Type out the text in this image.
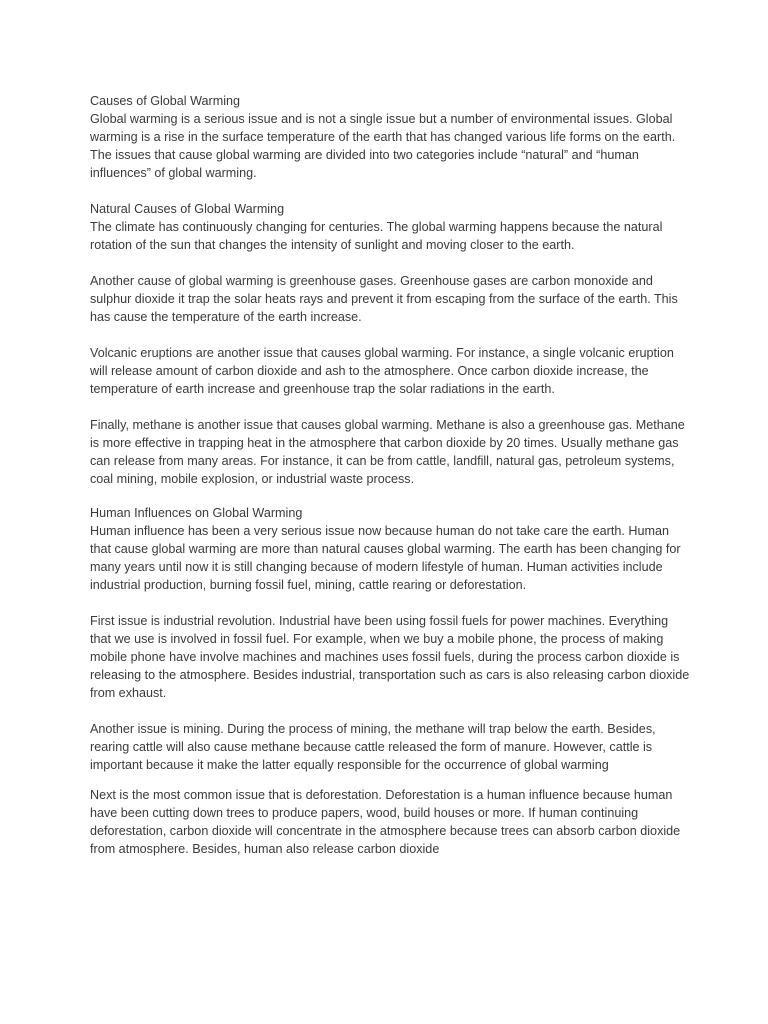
Causes of Global Warming

Global warming is a serious issue and is not a single issue but a number of environmental issues. Global warming is a rise in the surface temperature of the earth that has changed various life forms on the earth. The issues that cause global warming are divided into two categories include “natural” and “human influences” of global warming.

Natural Causes of Global Warming

The climate has continuously changing for centuries. The global warming happens because the natural rotation of the sun that changes the intensity of sunlight and moving closer to the earth.

Another cause of global warming is greenhouse gases. Greenhouse gases are carbon monoxide and sulphur dioxide it trap the solar heats rays and prevent it from escaping from the surface of the earth. This has cause the temperature of the earth increase.

Volcanic eruptions are another issue that causes global warming. For instance, a single volcanic eruption will release amount of carbon dioxide and ash to the atmosphere. Once carbon dioxide increase, the temperature of earth increase and greenhouse trap the solar radiations in the earth.

Finally, methane is another issue that causes global warming. Methane is also a greenhouse gas. Methane is more effective in trapping heat in the atmosphere that carbon dioxide by 20 times. Usually methane gas can release from many areas. For instance, it can be from cattle, landfill, natural gas, petroleum systems, coal mining, mobile explosion, or industrial waste process.

Human Influences on Global Warming

Human influence has been a very serious issue now because human do not take care the earth. Human that cause global warming are more than natural causes global warming. The earth has been changing for many years until now it is still changing because of modern lifestyle of human. Human activities include industrial production, burning fossil fuel, mining, cattle rearing or deforestation.

First issue is industrial revolution. Industrial have been using fossil fuels for power machines. Everything that we use is involved in fossil fuel. For example, when we buy a mobile phone, the process of making mobile phone have involve machines and machines uses fossil fuels, during the process carbon dioxide is releasing to the atmosphere. Besides industrial, transportation such as cars is also releasing carbon dioxide from exhaust.

Another issue is mining. During the process of mining, the methane will trap below the earth. Besides, rearing cattle will also cause methane because cattle released the form of manure. However, cattle is important because it make the latter equally responsible for the occurrence of global warming

Next is the most common issue that is deforestation. Deforestation is a human influence because human have been cutting down trees to produce papers, wood, build houses or more. If human continuing deforestation, carbon dioxide will concentrate in the atmosphere because trees can absorb carbon dioxide from atmosphere. Besides, human also release carbon dioxide
